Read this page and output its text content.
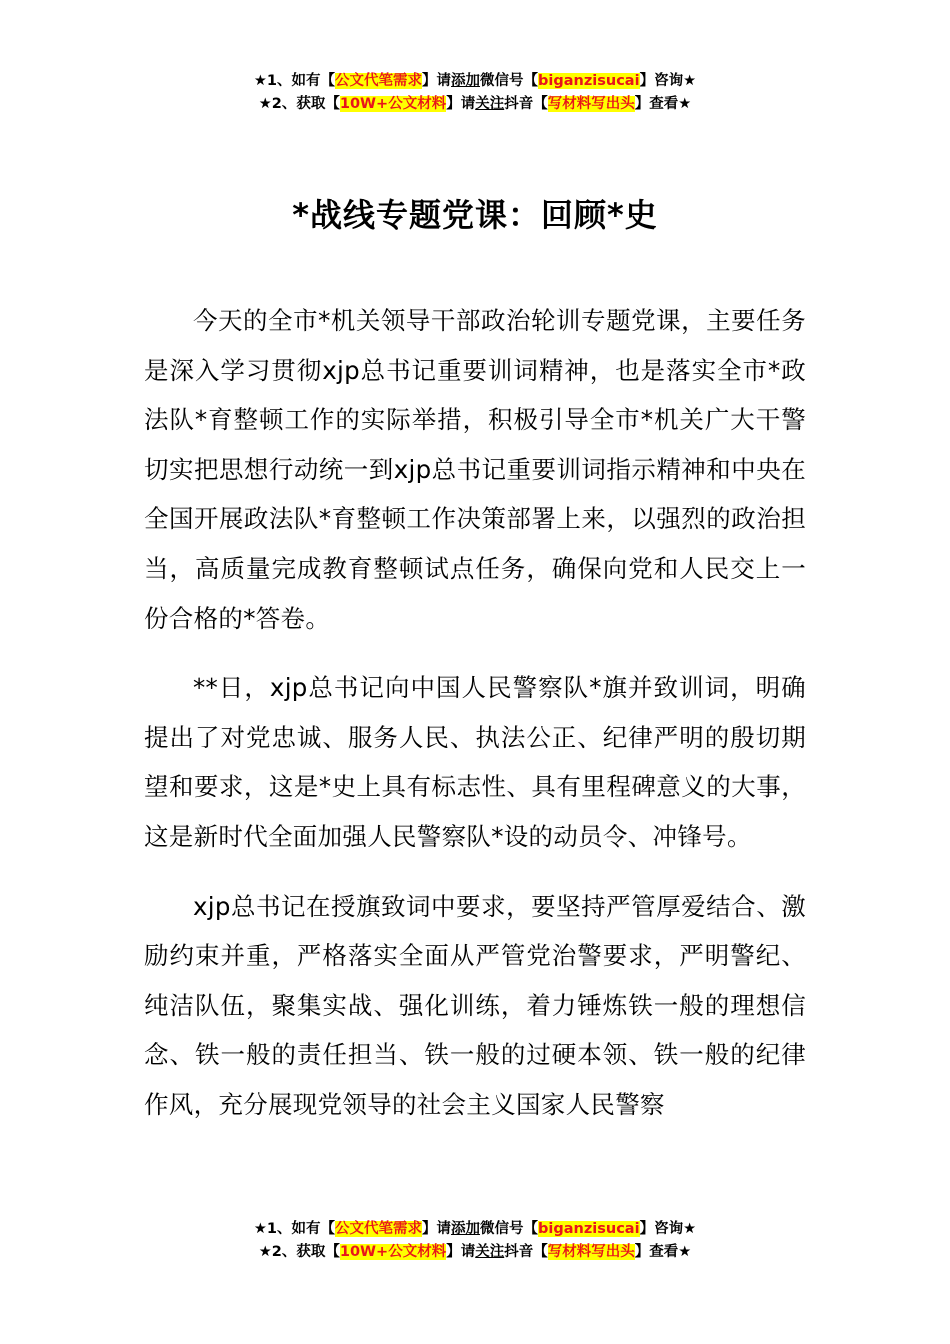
★1、如有【公文代笔需求】请添加微信号【biganzisucai】咨询★
★2、获取【10W+公文材料】请关注抖音【写材料写出头】查看★
*战线专题党课：回顾*史

今天的全市*机关领导干部政治轮训专题党课，主要任务是深入学习贯彻xjp总书记重要训词精神，也是落实全市*政法队*育整顿工作的实际举措，积极引导全市*机关广大干警切实把思想行动统一到xjp总书记重要训词指示精神和中央在全国开展政法队*育整顿工作决策部署上来，以强烈的政治担当，高质量完成教育整顿试点任务，确保向党和人民交上一份合格的*答卷。

**日，xjp总书记向中国人民警察队*旗并致训词，明确提出了对党忠诚、服务人民、执法公正、纪律严明的殷切期望和要求，这是*史上具有标志性、具有里程碑意义的大事，这是新时代全面加强人民警察队*设的动员令、冲锋号。

xjp总书记在授旗致词中要求，要坚持严管厚爱结合、激励约束并重，严格落实全面从严管党治警要求，严明警纪、纯洁队伍，聚集实战、强化训练，着力锤炼铁一般的理想信念、铁一般的责任担当、铁一般的过硬本领、铁一般的纪律作风，充分展现党领导的社会主义国家人民警察

★1、如有【公文代笔需求】请添加微信号【biganzisucai】咨询★
★2、获取【10W+公文材料】请关注抖音【写材料写出头】查看★
